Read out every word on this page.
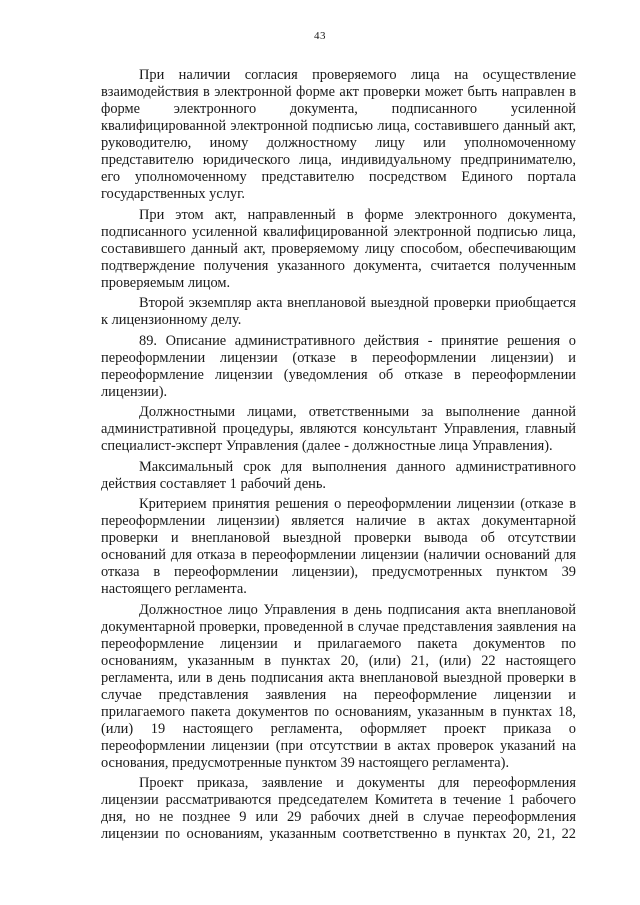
43

При наличии согласия проверяемого лица на осуществление взаимодействия в электронной форме акт проверки может быть направлен в форме электронного документа, подписанного усиленной квалифицированной электронной подписью лица, составившего данный акт, руководителю, иному должностному лицу или уполномоченному представителю юридического лица, индивидуальному предпринимателю, его уполномоченному представителю посредством Единого портала государственных услуг.

При этом акт, направленный в форме электронного документа, подписанного усиленной квалифицированной электронной подписью лица, составившего данный акт, проверяемому лицу способом, обеспечивающим подтверждение получения указанного документа, считается полученным проверяемым лицом.

Второй экземпляр акта внеплановой выездной проверки приобщается к лицензионному делу.

89. Описание административного действия - принятие решения о переоформлении лицензии (отказе в переоформлении лицензии) и переоформление лицензии (уведомления об отказе в переоформлении лицензии).

Должностными лицами, ответственными за выполнение данной административной процедуры, являются консультант Управления, главный специалист-эксперт Управления (далее - должностные лица Управления).

Максимальный срок для выполнения данного административного действия составляет 1 рабочий день.

Критерием принятия решения о переоформлении лицензии (отказе в переоформлении лицензии) является наличие в актах документарной проверки и внеплановой выездной проверки вывода об отсутствии оснований для отказа в переоформлении лицензии (наличии оснований для отказа в переоформлении лицензии), предусмотренных пунктом 39 настоящего регламента.

Должностное лицо Управления в день подписания акта внеплановой документарной проверки, проведенной в случае представления заявления на переоформление лицензии и прилагаемого пакета документов по основаниям, указанным в пунктах 20, (или) 21, (или) 22 настоящего регламента, или в день подписания акта внеплановой выездной проверки в случае представления заявления на переоформление лицензии и прилагаемого пакета документов по основаниям, указанным в пунктах 18, (или) 19 настоящего регламента, оформляет проект приказа о переоформлении лицензии (при отсутствии в актах проверок указаний на основания, предусмотренные пунктом 39 настоящего регламента).

Проект приказа, заявление и документы для переоформления лицензии рассматриваются председателем Комитета в течение 1 рабочего дня, но не позднее 9 или 29 рабочих дней в случае переоформления лицензии по основаниям, указанным соответственно в пунктах 20, 21, 22
